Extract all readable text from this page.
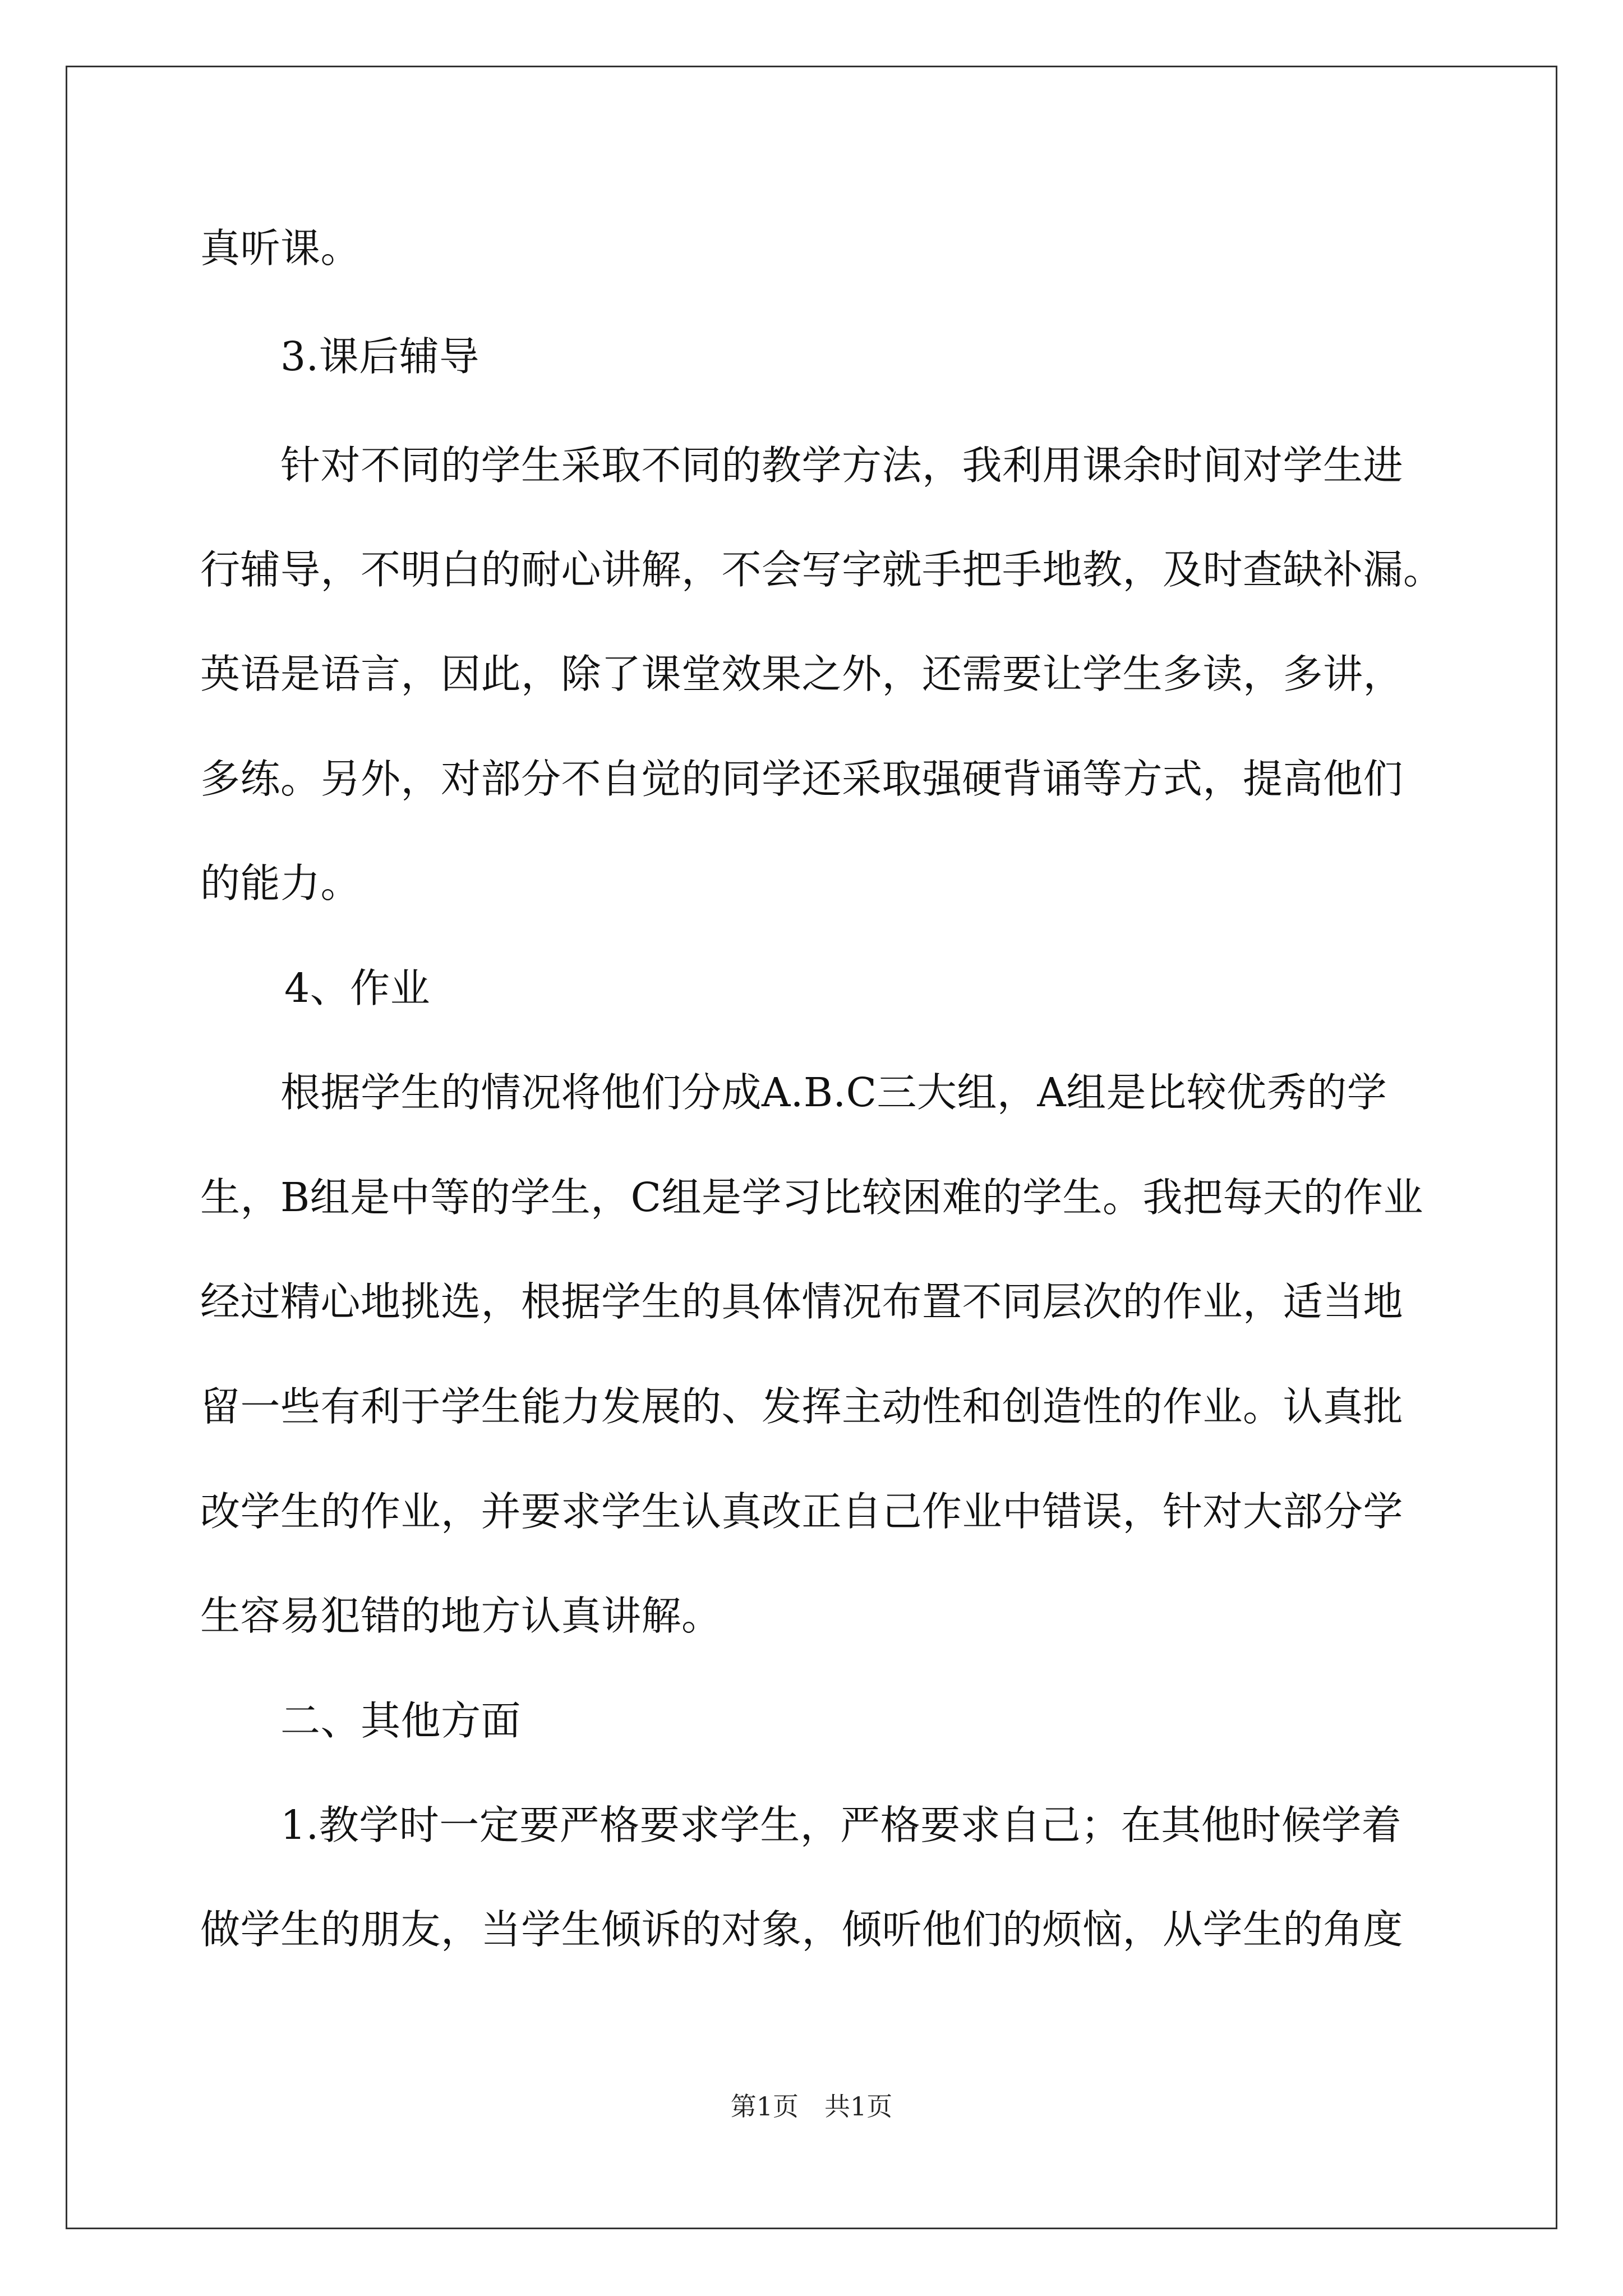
真听课。
3.课后辅导
针对不同的学生采取不同的教学方法，我利用课余时间对学生进
行辅导，不明白的耐心讲解，不会写字就手把手地教，及时查缺补漏。
英语是语言，因此，除了课堂效果之外，还需要让学生多读，多讲，
多练。另外，对部分不自觉的同学还采取强硬背诵等方式，提高他们
的能力。
4、作业
根据学生的情况将他们分成A.B.C三大组，A组是比较优秀的学
生，B组是中等的学生，C组是学习比较困难的学生。我把每天的作业
经过精心地挑选，根据学生的具体情况布置不同层次的作业，适当地
留一些有利于学生能力发展的、发挥主动性和创造性的作业。认真批
改学生的作业，并要求学生认真改正自己作业中错误，针对大部分学
生容易犯错的地方认真讲解。
二、其他方面
1.教学时一定要严格要求学生，严格要求自己；在其他时候学着
做学生的朋友，当学生倾诉的对象，倾听他们的烦恼，从学生的角度
第1页 共1页
